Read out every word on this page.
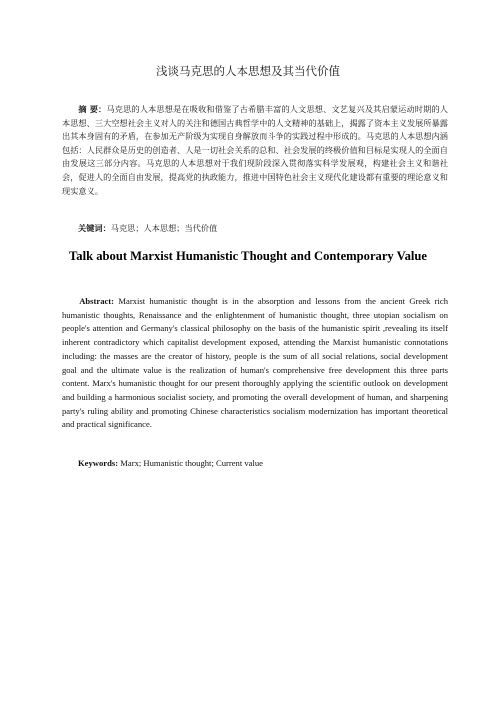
浅谈马克思的人本思想及其当代价值
摘 要：马克思的人本思想是在吸收和借鉴了古希腊丰富的人文思想、文艺复兴及其启蒙运动时期的人本思想、三大空想社会主义对人的关注和德国古典哲学中的人文精神的基础上，揭露了资本主义发展所暴露出其本身固有的矛盾，在参加无产阶级为实现自身解放而斗争的实践过程中形成的。马克思的人本思想内涵包括：人民群众是历史的创造者、人是一切社会关系的总和、社会发展的终极价值和目标是实现人的全面自由发展这三部分内容。马克思的人本思想对于我们现阶段深入贯彻落实科学发展观，构建社会主义和谐社会，促进人的全面自由发展，提高党的执政能力，推进中国特色社会主义现代化建设都有重要的理论意义和现实意义。
关键词：马克思；人本思想；当代价值
Talk about Marxist Humanistic Thought and Contemporary Value
Abstract: Marxist humanistic thought is in the absorption and lessons from the ancient Greek rich humanistic thoughts, Renaissance and the enlightenment of humanistic thought, three utopian socialism on people's attention and Germany's classical philosophy on the basis of the humanistic spirit ,revealing its itself inherent contradictory which capitalist development exposed, attending the Marxist humanistic connotations including: the masses are the creator of history, people is the sum of all social relations, social development goal and the ultimate value is the realization of human's comprehensive free development this three parts content. Marx's humanistic thought for our present thoroughly applying the scientific outlook on development and building a harmonious socialist society, and promoting the overall development of human, and sharpening party's ruling ability and promoting Chinese characteristics socialism modernization has important theoretical and practical significance.
Keywords: Marx; Humanistic thought; Current value
